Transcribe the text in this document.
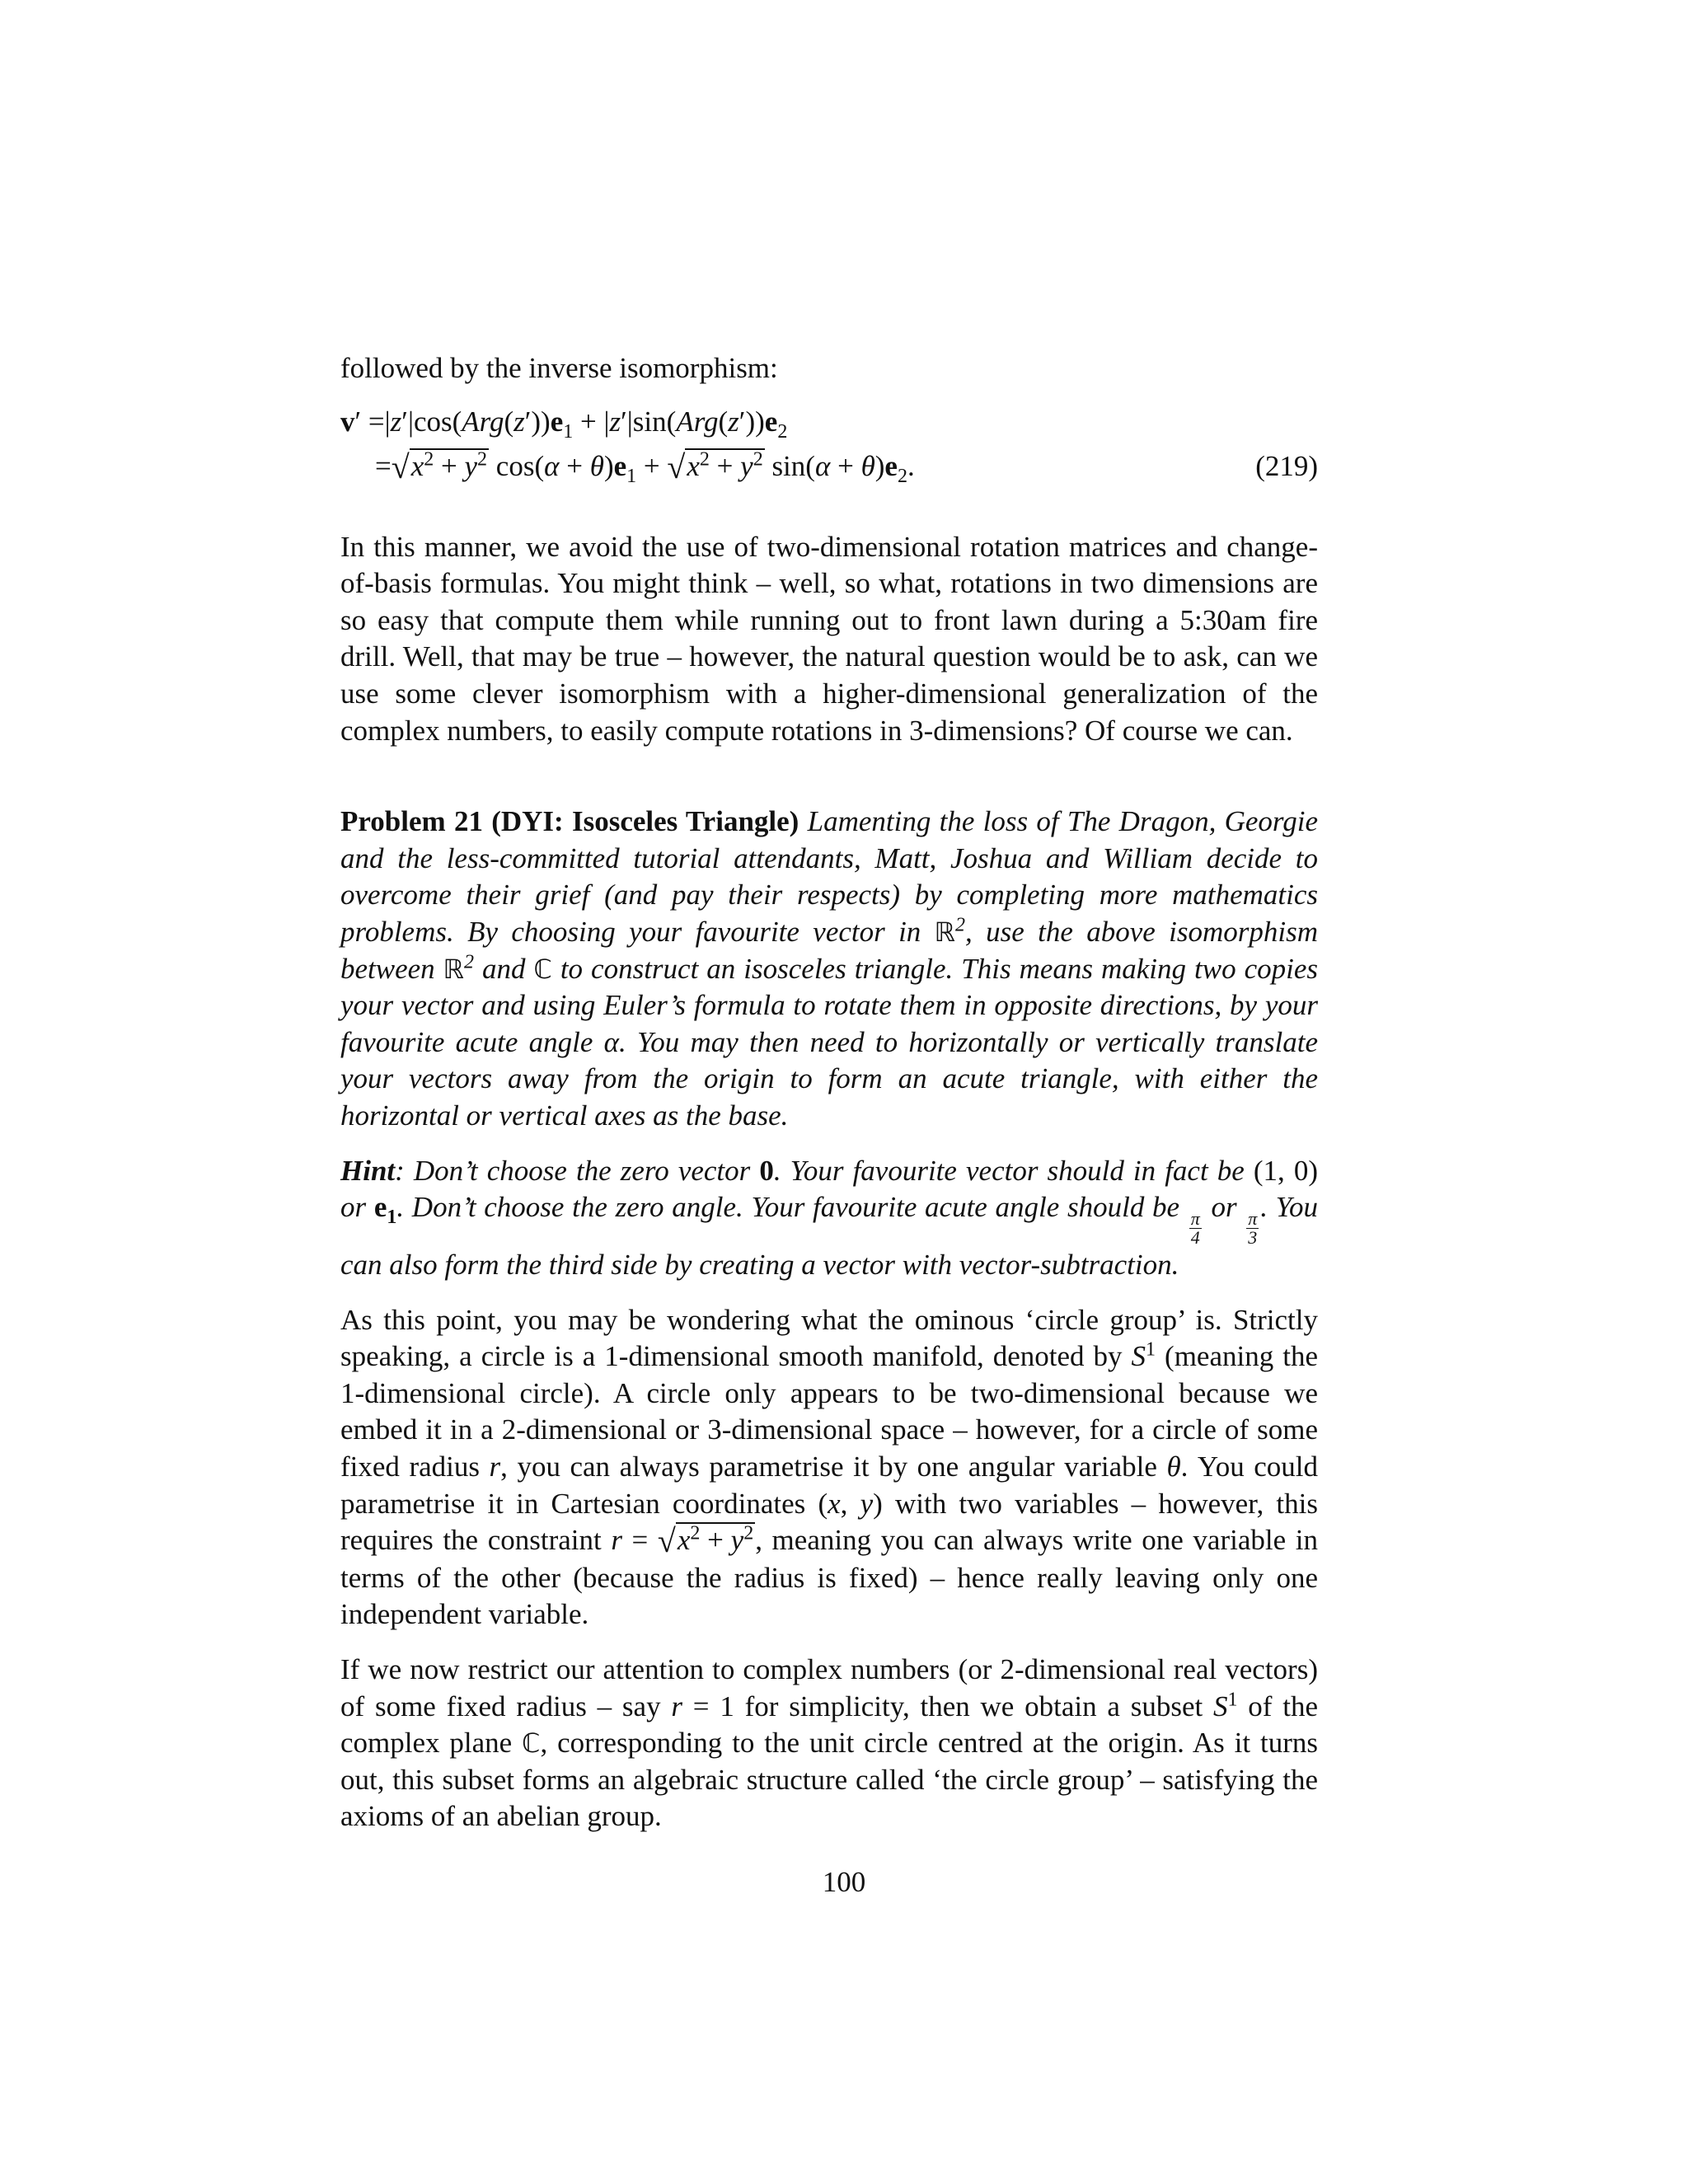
followed by the inverse isomorphism:

$v' =|z'|\cos(Arg(z'))e_1 + |z'|\sin(Arg(z'))e_2$
$=√x^2 + y^2$ $\cos(\alpha + \theta)e_1 + √x^2 + y^2$ $\sin(\alpha + \theta)e_2$.	(219)

In this manner, we avoid the use of two-dimensional rotation matrices and change-of-basis formulas. You might think – well, so what, rotations in two dimensions are so easy that compute them while running out to front lawn during a 5:30am fire drill. Well, that may be true – however, the natural question would be to ask, can we use some clever isomorphism with a higher-dimensional generalization of the complex numbers, to easily compute rotations in 3-dimensions? Of course we can.

Problem 21 (DYI: Isosceles Triangle) Lamenting the loss of The Dragon, Georgie and the less-committed tutorial attendants, Matt, Joshua and William decide to overcome their grief (and pay their respects) by completing more mathematics problems. By choosing your favourite vector in ℝ$^2$, use the above isomorphism between ℝ$^2$ and ℂ to construct an isosceles triangle. This means making two copies your vector and using Euler’s formula to rotate them in opposite directions, by your favourite acute angle α. You may then need to horizontally or vertically translate your vectors away from the origin to form an acute triangle, with either the horizontal or vertical axes as the base.

Hint: Don’t choose the zero vector 0. Your favourite vector should in fact be (1, 0) or $e_1$. Don’t choose the zero angle. Your favourite acute angle should be
$\frac{\pi}{4}$
or
$\frac{\pi}{3}$
. You can also form the third side by creating a vector with vector-subtraction.

As this point, you may be wondering what the ominous ‘circle group’ is. Strictly speaking, a circle is a 1-dimensional smooth manifold, denoted by $S^1$ (meaning the 1-dimensional circle). A circle only appears to be two-dimensional because we embed it in a 2-dimensional or 3-dimensional space – however, for a circle of some fixed radius r, you can always parametrise it by one angular variable θ. You could parametrise it in Cartesian coordinates (x, y) with two variables – however, this requires the constraint $r = √x^2 + y^2$, meaning you can always write one variable in terms of the other (because the radius is fixed) – hence really leaving only one independent variable.

If we now restrict our attention to complex numbers (or 2-dimensional real vectors) of some fixed radius – say r = 1 for simplicity, then we obtain a subset $S^1$ of the complex plane ℂ, corresponding to the unit circle centred at the origin. As it turns out, this subset forms an algebraic structure called ‘the circle group’ – satisfying the axioms of an abelian group.

100
